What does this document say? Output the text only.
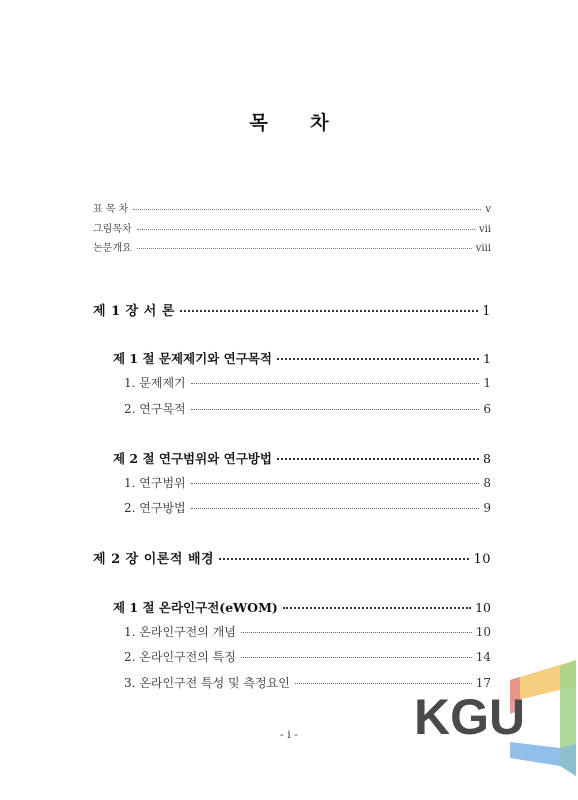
목 차
표 목 차	v
그림목차	vii
논문개요	viii
제 1 장 서 론	1
제 1 절 문제제기와 연구목적	1
1. 문제제기	1
2. 연구목적	6
제 2 절 연구범위와 연구방법	8
1. 연구범위	8
2. 연구방법	9
제 2 장 이론적 배경	10
제 1 절 온라인구전(eWOM)	10
1. 온라인구전의 개념	10
2. 온라인구전의 특징	14
3. 온라인구전 특성 및 측정요인	17
KGU
- i -
